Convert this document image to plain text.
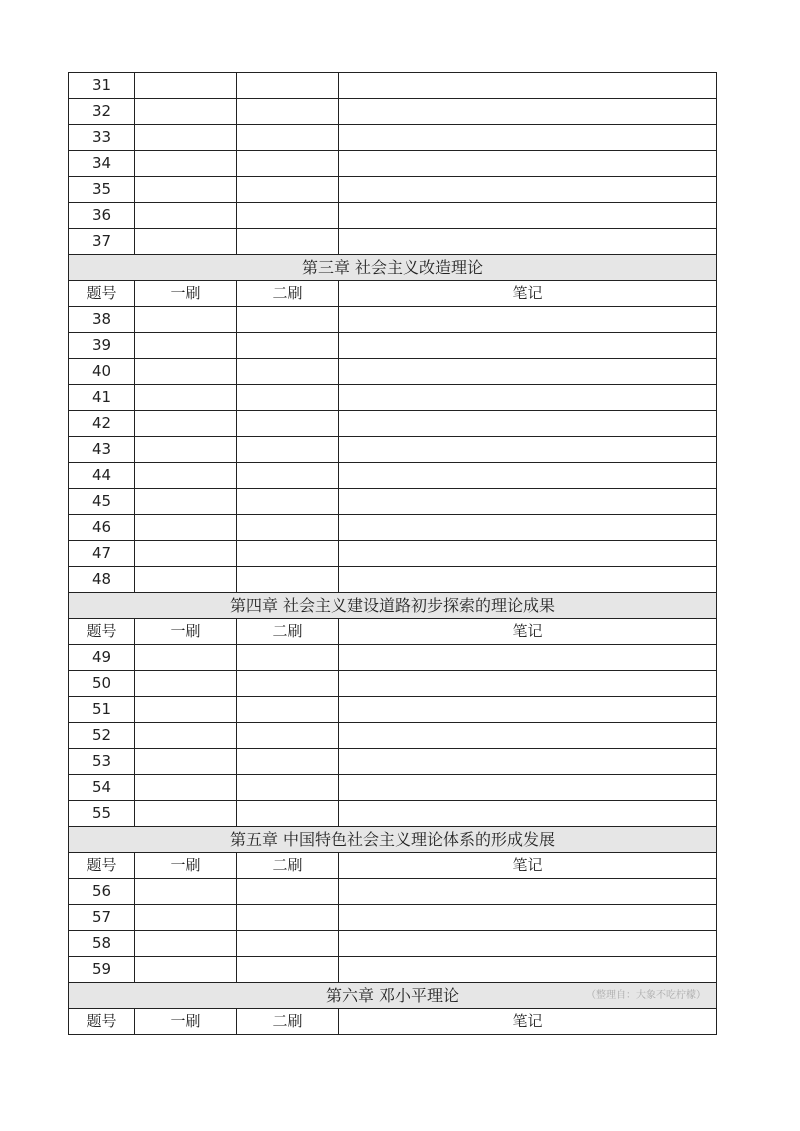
31			
32			
33			
34			
35			
36			
37			
第三章 社会主义改造理论			
题号	一刷	二刷	笔记
38			
39			
40			
41			
42			
43			
44			
45			
46			
47			
48			
第四章 社会主义建设道路初步探索的理论成果			
题号	一刷	二刷	笔记
49			
50			
51			
52			
53			
54			
55			
第五章 中国特色社会主义理论体系的形成发展			
题号	一刷	二刷	笔记
56			
57			
58			
59			
第六章 邓小平理论 （整理自：大象不吃柠檬）			

题号	一刷	二刷	笔记
